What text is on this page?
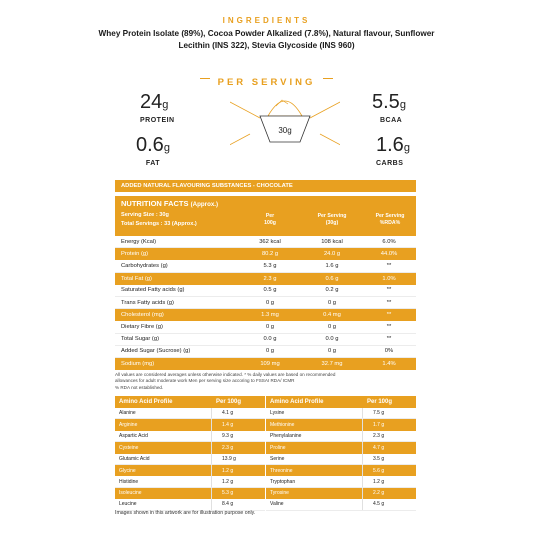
INGREDIENTS
Whey Protein Isolate (89%), Cocoa Powder Alkalized (7.8%), Natural flavour, Sunflower Lecithin (INS 322), Stevia Glycoside (INS 960)
PER SERVING
24g
PROTEIN
0.6g
FAT
5.5g
BCAA
1.6g
CARBS
30g
ADDED NATURAL FLAVOURING SUBSTANCES - CHOCOLATE
NUTRITION FACTS (Approx.)
Serving Size : 30g
Total Servings : 33 (Approx.)
Per
100g
Per Serving
(30g)
Per Serving
%RDA%
Energy (Kcal)	362 kcal	108 kcal	6.0%
Protein (g)	80.2 g	24.0 g	44.0%
Carbohydrates (g)	5.3 g	1.6 g	**
Total Fat (g)	2.3 g	0.6 g	1.0%
Saturated Fatty acids (g)	0.5 g	0.2 g	**
Trans Fatty acids (g)	0 g	0 g	**
Cholesterol (mg)	1.3 mg	0.4 mg	**
Dietary Fibre (g)	0 g	0 g	**
Total Sugar (g)	0.0 g	0.0 g	**
Added Sugar (Sucrose) (g)	0 g	0 g	0%
Sodium (mg)	109 mg	32.7 mg	1.4%
All values are considered averages unless otherwise indicated. * % daily values are based on recommended
allowances for adult moderate work Men per serving size accoring to FSSAI RDA/ ICMR
% RDA not established.
Amino Acid Profile	Per 100g
Alanine	4.1 g
Arginine	1.4 g
Aspartic Acid	9.3 g
Cysteine	2.3 g
Glutamic Acid	13.9 g
Glycine	1.2 g
Histidine	1.2 g
Isoleucine	5.3 g
Leucine	8.4 g
Amino Acid Profile	Per 100g
Lysine	7.5 g
Methionine	1.7 g
Phenylalanine	2.3 g
Proline	4.7 g
Serine	3.5 g
Threonine	5.6 g
Tryptophan	1.2 g
Tyrosine	2.2 g
Valine	4.5 g
Images shown in this artwork are for illustration purpose only.
